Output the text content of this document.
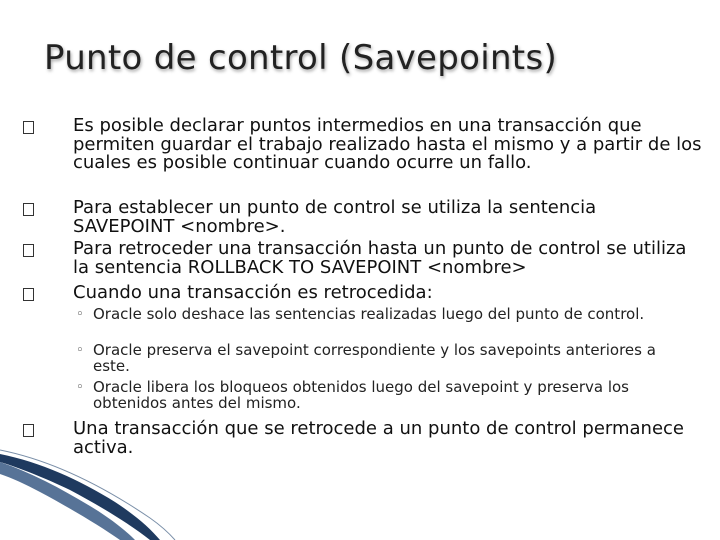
Punto de control (Savepoints)
Es posible declarar puntos intermedios en una transacción que permiten guardar el trabajo realizado hasta el mismo y a partir de los cuales es posible continuar cuando ocurre un fallo.
Para establecer un punto de control se utiliza la sentencia SAVEPOINT <nombre>.
Para retroceder una transacción hasta un punto de control se utiliza la sentencia ROLLBACK TO SAVEPOINT <nombre>
Cuando una transacción es retrocedida:
◦ Oracle solo deshace las sentencias realizadas luego del punto de control.
◦ Oracle preserva el savepoint correspondiente y los savepoints anteriores a este.
◦ Oracle libera los bloqueos obtenidos luego del savepoint y preserva los obtenidos antes del mismo.
Una transacción que se retrocede a un punto de control permanece activa.
